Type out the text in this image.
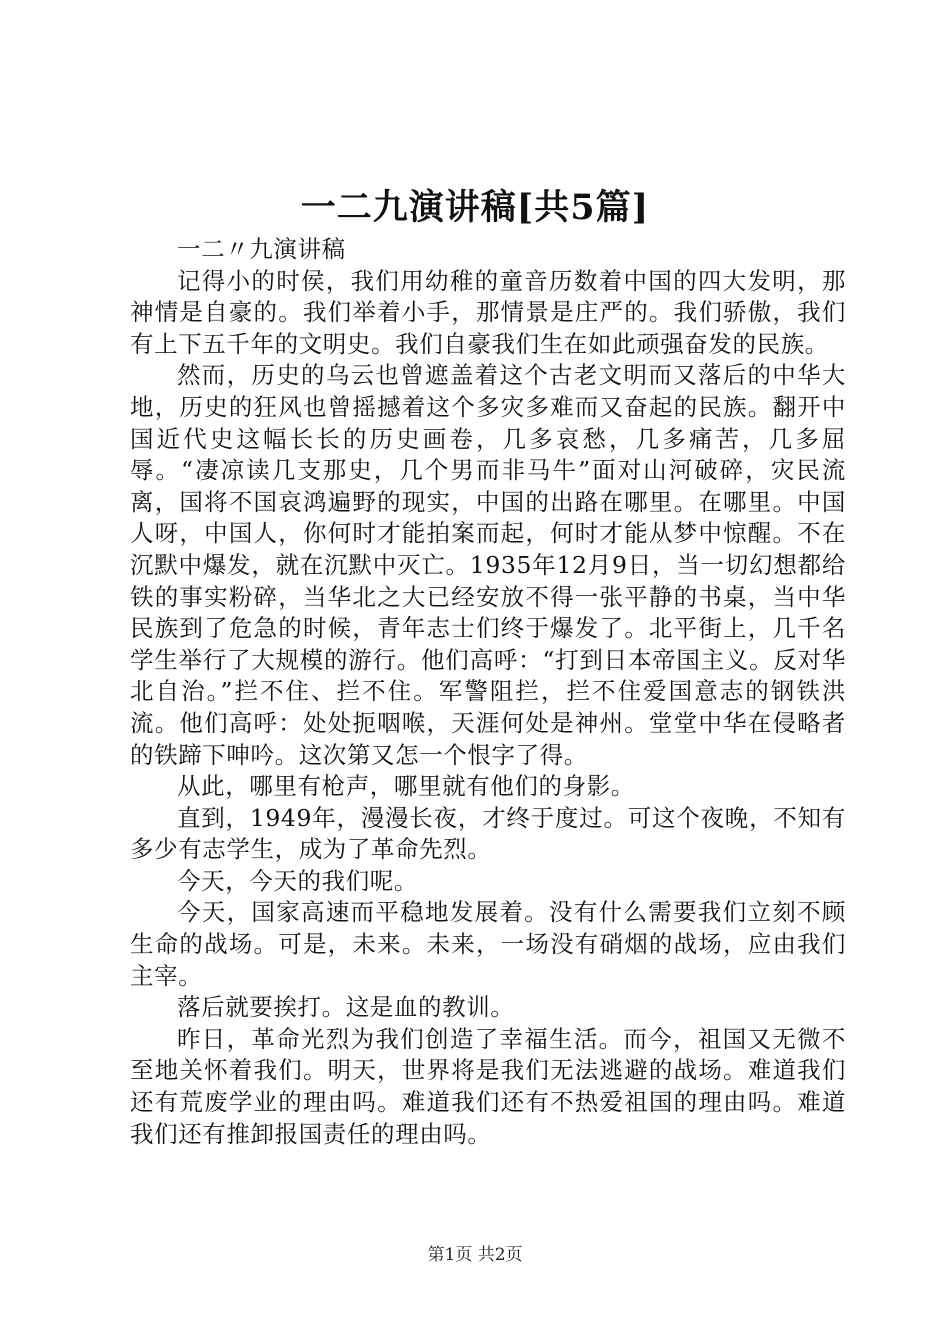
一二九演讲稿[共5篇]

一二〃九演讲稿

记得小的时侯，我们用幼稚的童音历数着中国的四大发明，那神情是自豪的。我们举着小手，那情景是庄严的。我们骄傲，我们有上下五千年的文明史。我们自豪我们生在如此顽强奋发的民族。

然而，历史的乌云也曾遮盖着这个古老文明而又落后的中华大地，历史的狂风也曾摇撼着这个多灾多难而又奋起的民族。翻开中国近代史这幅长长的历史画卷，几多哀愁，几多痛苦，几多屈辱。“凄凉读几支那史，几个男而非马牛”面对山河破碎，灾民流离，国将不国哀鸿遍野的现实，中国的出路在哪里。在哪里。中国人呀，中国人，你何时才能拍案而起，何时才能从梦中惊醒。不在沉默中爆发，就在沉默中灭亡。1935年12月9日，当一切幻想都给铁的事实粉碎，当华北之大已经安放不得一张平静的书桌，当中华民族到了危急的时候，青年志士们终于爆发了。北平街上，几千名学生举行了大规模的游行。他们高呼：“打到日本帝国主义。反对华北自治。”拦不住、拦不住。军警阻拦，拦不住爱国意志的钢铁洪流。他们高呼：处处扼咽喉，天涯何处是神州。堂堂中华在侵略者的铁蹄下呻吟。这次第又怎一个恨字了得。

从此，哪里有枪声，哪里就有他们的身影。

直到，1949年，漫漫长夜，才终于度过。可这个夜晚，不知有多少有志学生，成为了革命先烈。

今天，今天的我们呢。

今天，国家高速而平稳地发展着。没有什么需要我们立刻不顾生命的战场。可是，未来。未来，一场没有硝烟的战场，应由我们主宰。

落后就要挨打。这是血的教训。

昨日，革命光烈为我们创造了幸福生活。而今，祖国又无微不至地关怀着我们。明天，世界将是我们无法逃避的战场。难道我们还有荒废学业的理由吗。难道我们还有不热爱祖国的理由吗。难道我们还有推卸报国责任的理由吗。

第1页 共2页
